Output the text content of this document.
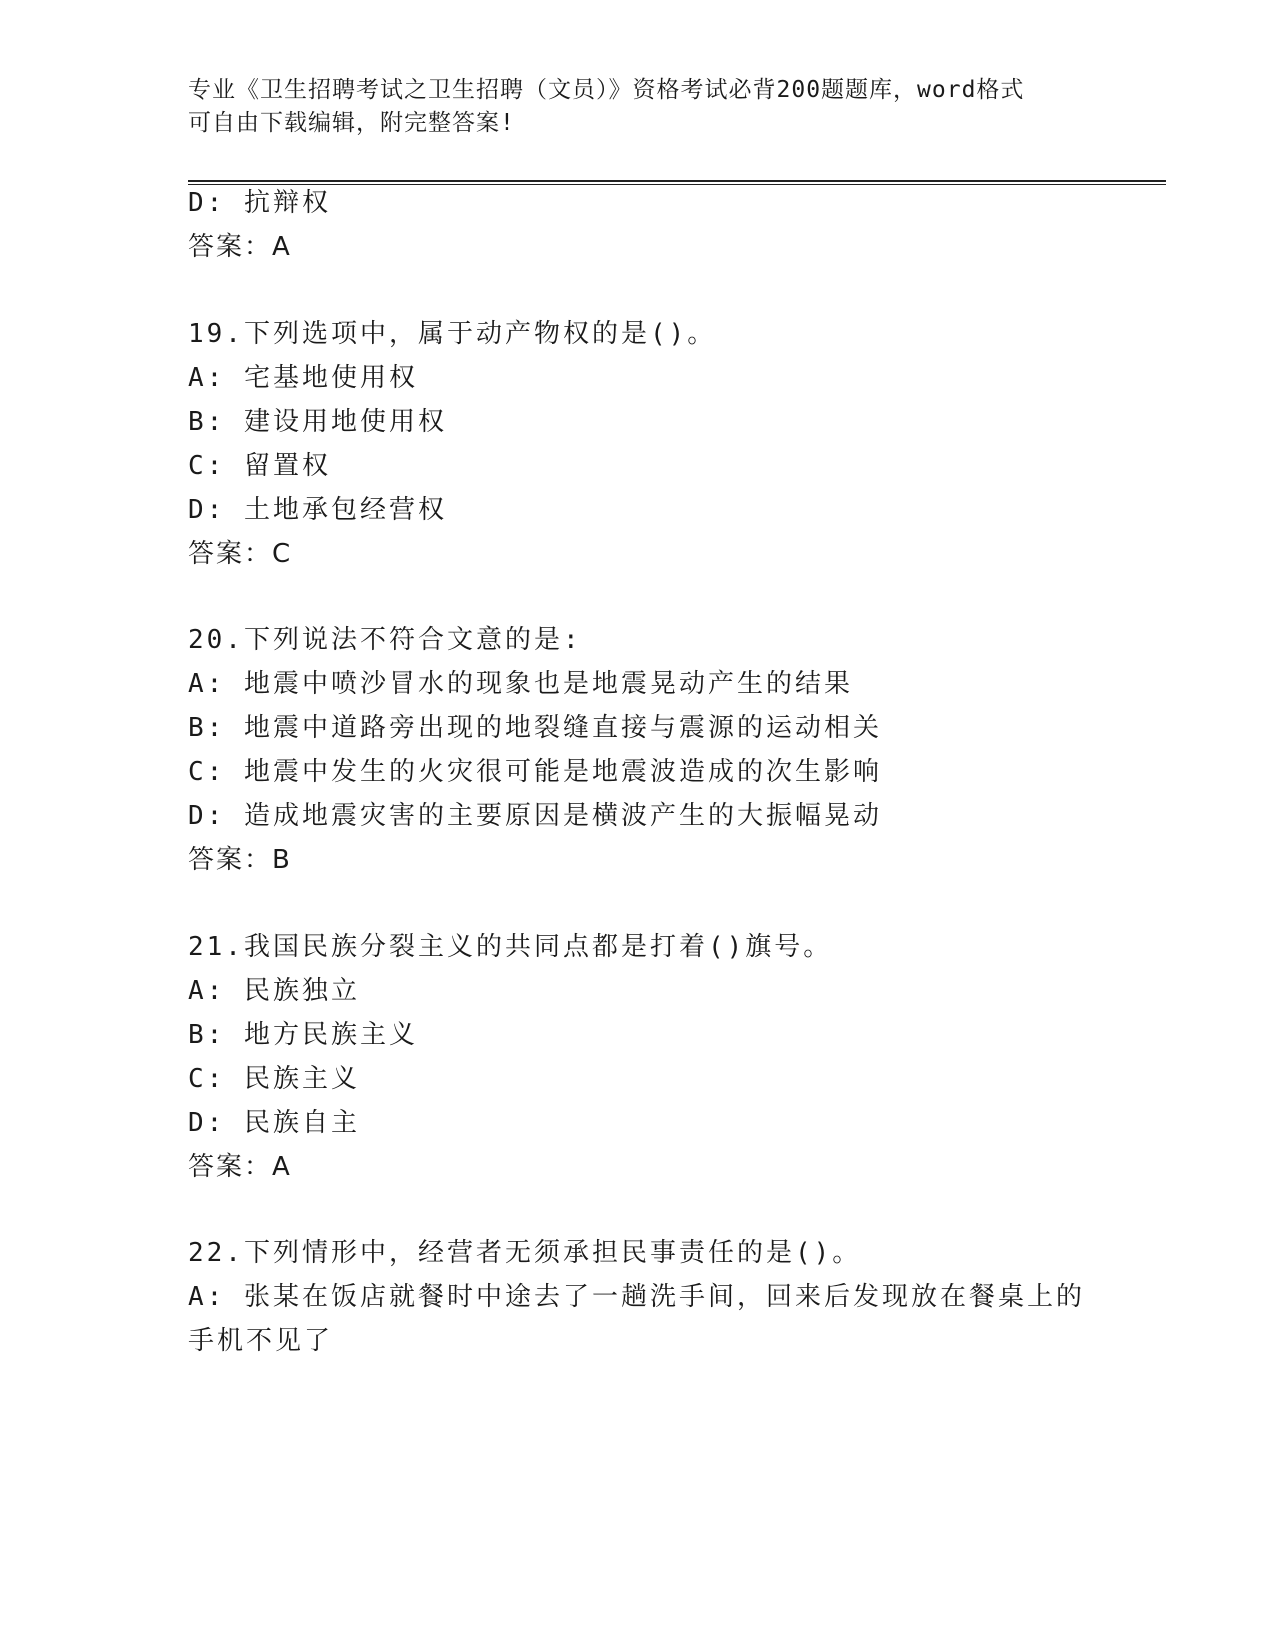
专业《卫生招聘考试之卫生招聘（文员）》资格考试必背200题题库，word格式
可自由下载编辑，附完整答案!
D: 抗辩权
答案：A
19.下列选项中，属于动产物权的是()。
A: 宅基地使用权
B: 建设用地使用权
C: 留置权
D: 土地承包经营权
答案：C
20.下列说法不符合文意的是:
A: 地震中喷沙冒水的现象也是地震晃动产生的结果
B: 地震中道路旁出现的地裂缝直接与震源的运动相关
C: 地震中发生的火灾很可能是地震波造成的次生影响
D: 造成地震灾害的主要原因是横波产生的大振幅晃动
答案：B
21.我国民族分裂主义的共同点都是打着()旗号。
A: 民族独立
B: 地方民族主义
C: 民族主义
D: 民族自主
答案：A
22.下列情形中，经营者无须承担民事责任的是()。
A: 张某在饭店就餐时中途去了一趟洗手间，回来后发现放在餐桌上的
手机不见了
